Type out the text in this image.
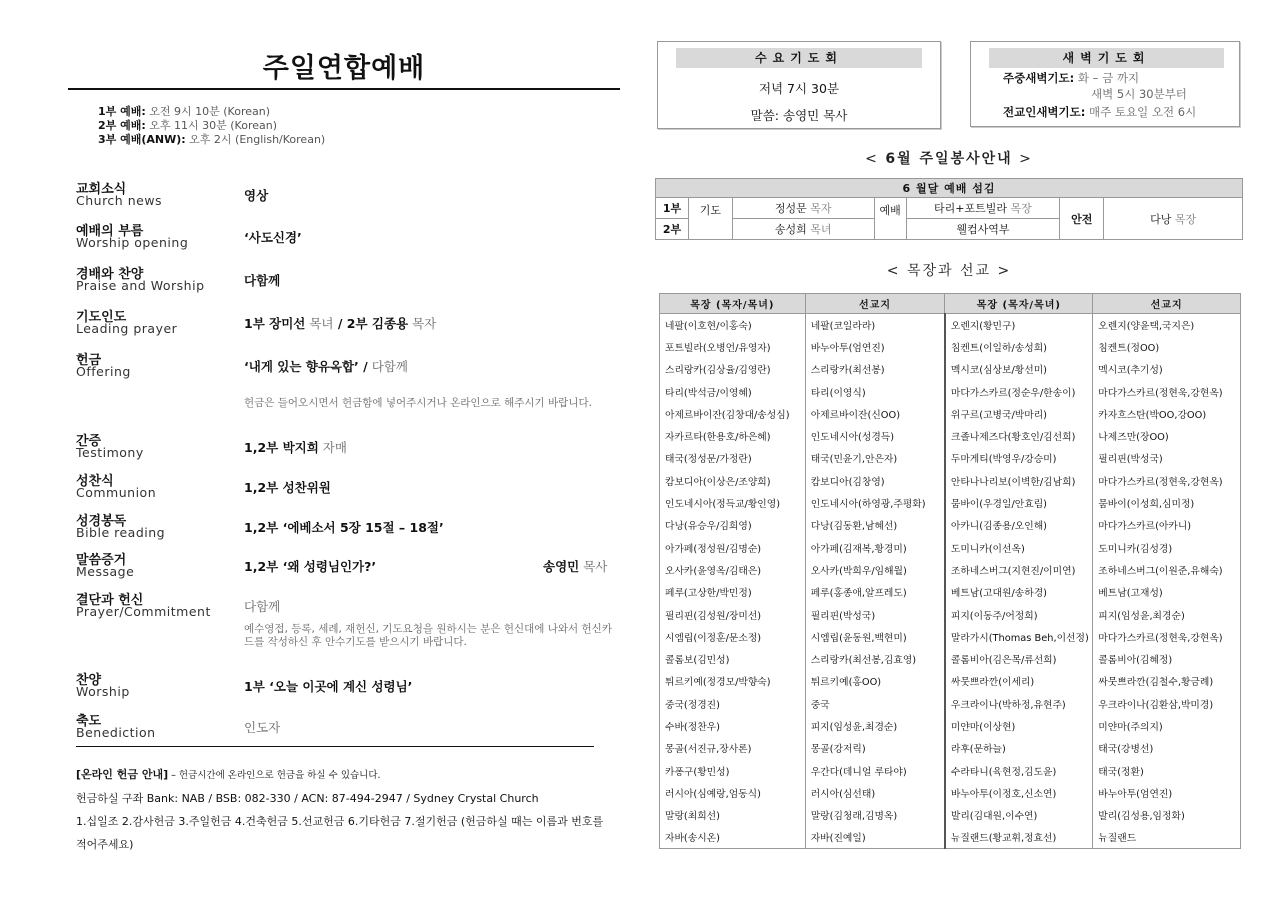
주일연합예배
1부 예배: 오전 9시 10분 (Korean)
2부 예배: 오후 11시 30분 (Korean)
3부 예배(ANW): 오후 2시 (English/Korean)
교회소식
Church news	영상
예배의 부름
Worship opening	‘사도신경’
경배와 찬양
Praise and Worship	다함께
기도인도
Leading prayer	1부 장미선 목녀 / 2부 김종용 목자
헌금
Offering	‘내게 있는 향유옥합’ / 다함께
헌금은 들어오시면서 헌금함에 넣어주시거나 온라인으로 해주시기 바랍니다.
간증
Testimony	1,2부 박지희 자매
성찬식
Communion	1,2부 성찬위원
성경봉독
Bible reading	1,2부 ‘에베소서 5장 15절 – 18절’
말씀증거
Message	1,2부 ‘왜 성령님인가?’	송영민 목사
결단과 헌신
Prayer/Commitment	다함께
예수영접, 등록, 세례, 재헌신, 기도요청을 원하시는 분은 헌신대에 나와서 헌신카드를 작성하신 후 안수기도를 받으시기 바랍니다.
찬양
Worship	1부 ‘오늘 이곳에 계신 성령님’
축도
Benediction	인도자
[온라인 헌금 안내] – 헌금시간에 온라인으로 헌금을 하실 수 있습니다.
헌금하실 구좌 Bank: NAB / BSB: 082-330 / ACN: 87-494-2947 / Sydney Crystal Church
1.십일조 2.감사헌금 3.주일헌금 4.건축헌금 5.선교헌금 6.기타헌금 7.절기헌금 (헌금하실 때는 이름과 번호를
적어주세요)
수요기도회
저녁 7시 30분
말씀: 송영민 목사
새벽기도회
주중새벽기도: 화 – 금 까지
새벽 5시 30분부터
전교인새벽기도: 매주 토요일 오전 6시
< 6월 주일봉사안내 >
6 월달 예배 섬김						
1부	기도	정성문 목자	예배	타리+포트빌라 목장	안전	다낭 목장
2부		송성희 목녀		웰컴사역부		
< 목장과 선교 >
목장 (목자/목녀)	선교지	목장 (목자/목녀)	선교지
네팔(이호현/이홍숙)	네팔(코일라라)	오렌지(황민구)	오렌지(양윤택,국지은)
포트빌라(오병언/유영자)	바누아투(엄연진)	침켄트(이일하/송성희)	침켄트(정OO)
스리랑카(김상율/김영란)	스리랑카(최선봉)	멕시코(심상보/황선미)	멕시코(추기성)
타리(박석금/이영혜)	타리(이영식)	마다가스카르(정순우/한송이)	마다가스카르(정현욱,강현옥)
아제르바이잔(김창대/송성심)	아제르바이잔(신OO)	위구르(고병국/박마리)	카자흐스탄(박OO,강OO)
자카르타(한용호/하은혜)	인도네시아(성경득)	크졸나제즈다(황호인/김선희)	나제즈만(장OO)
태국(정성문/가정란)	태국(민윤기,안은자)	두마게티(박영우/강승미)	필리핀(박성국)
캄보디아(이상은/조양희)	캄보디아(김창영)	안타나나리보(이벽한/김남희)	마다가스카르(정현욱,강현옥)
인도네시아(정득교/황인영)	인도네시아(하영광,주평화)	뭄바이(우경일/안효림)	뭄바이(이성희,심미정)
다낭(유승우/김희영)	다낭(김동환,남혜선)	아카니(김종용/오인해)	마다가스카르(아카니)
아가페(정성원/김명순)	아가페(김재복,황경미)	도미니카(이선옥)	도미니카(김성경)
오사카(윤영옥/김태은)	오사카(박희우/임해월)	조하네스버그(지현진/이미연)	조하네스버그(이원준,유해숙)
페루(고상한/박민정)	페루(홍종애,알프레도)	베트남(고대원/송하경)	베트남(고재성)
필리핀(김성원/장미선)	필리핀(박성국)	피지(이동주/어정희)	피지(임성윤,최경순)
시엠립(이정훈/문소정)	시엠립(윤동원,백현미)	말라가시(Thomas Beh,이선정)	마다가스카르(정현욱,강현옥)
콜롬보(김민성)	스리랑카(최선봉,김효영)	콜롬비아(김은목/류선희)	콜롬비아(김혜정)
튀르키예(정경모/박향숙)	튀르키예(홍OO)	싸뭇쁘라깐(이세리)	싸뭇쁘라깐(김철수,황금례)
중국(정경진)	중국	우크라이나(박하정,유현주)	우크라이나(김환삼,박미경)
수바(정찬우)	피지(임성윤,최경순)	미얀마(이상현)	미얀마(주의지)
몽골(서진규,장사론)	몽골(강저릭)	라후(문하늘)	태국(강병선)
카퐁구(황민성)	우간다(데니얼 루타야)	수라타니(육현정,김도윤)	태국(정환)
러시아(심예랑,엄동식)	러시아(심선태)	바누아투(이정호,신소연)	바누아투(엄연진)
말랑(최희선)	말랑(김청래,김명옥)	발리(김대원,이수연)	발리(김성용,임정화)
자바(송시온)	자바(진예일)	뉴질랜드(황교휘,정효선)	뉴질랜드
